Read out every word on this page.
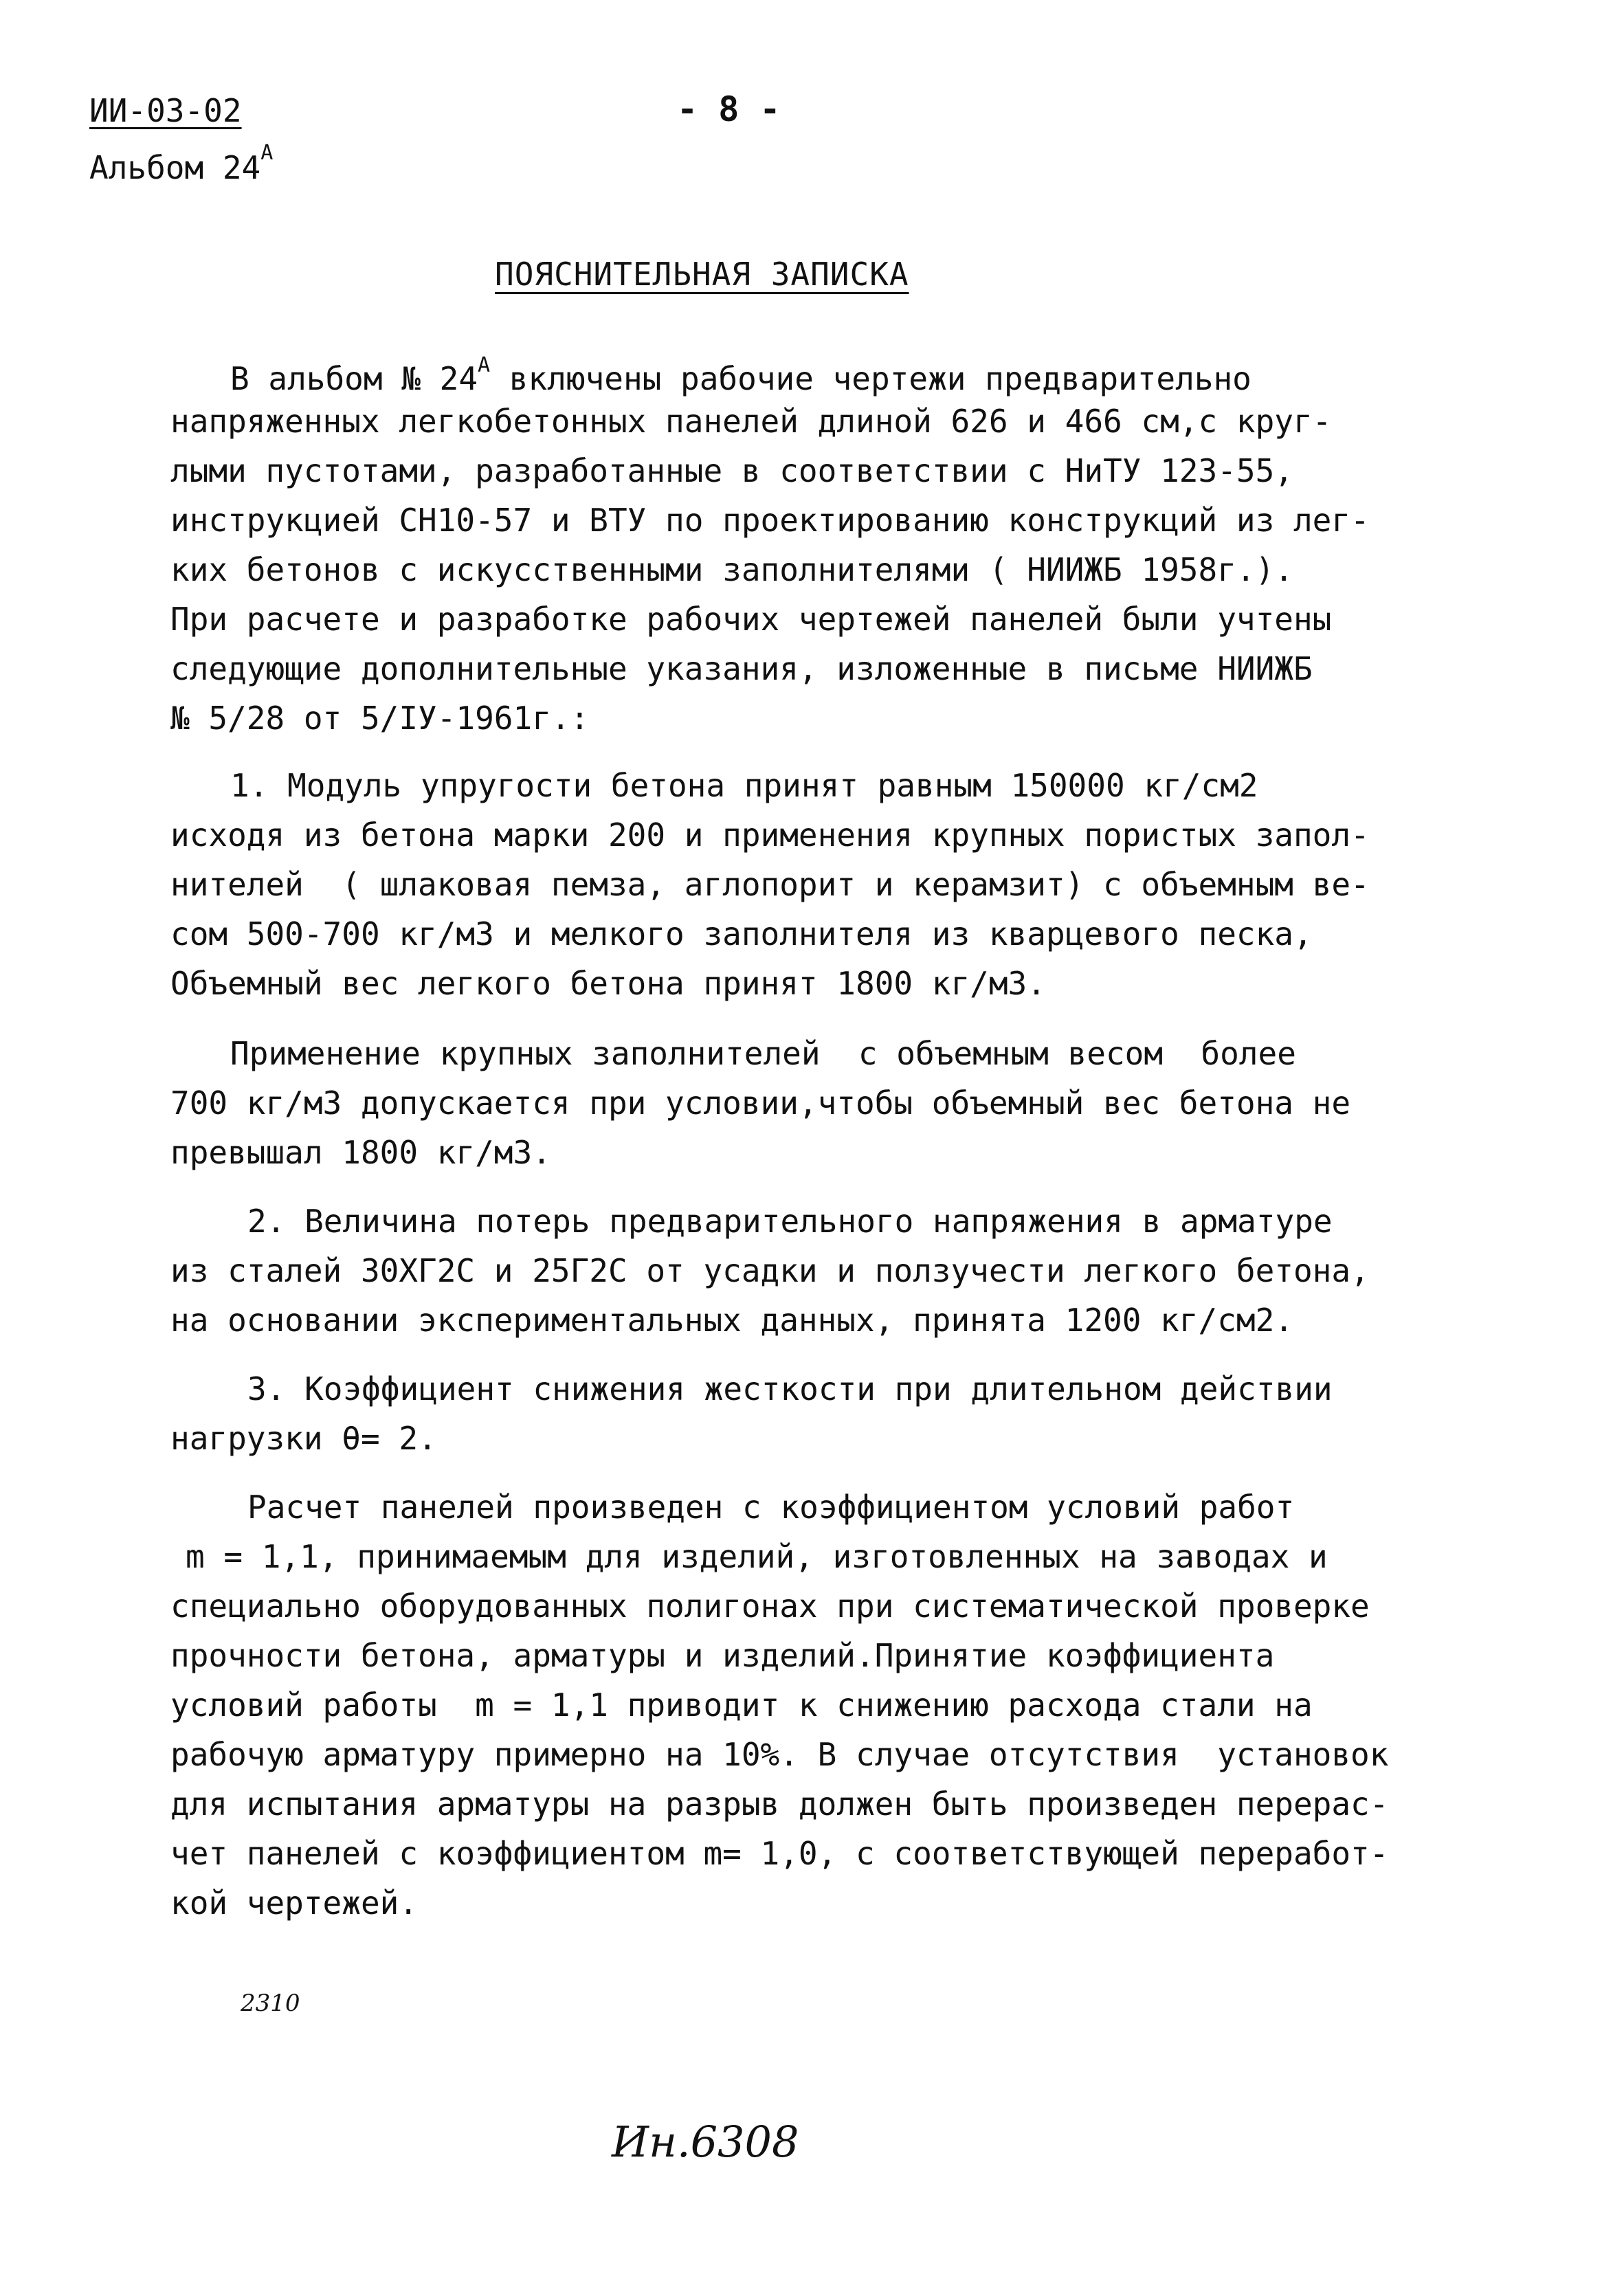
ИИ-03-02
Альбом $24^А$
- 8 -
ПОЯСНИТЕЛЬНАЯ ЗАПИСКА
В альбом № $24^А$ включены рабочие чертежи предварительно
напряженных легкобетонных панелей длиной 626 и 466 см,с круг-
лыми пустотами, разработанные в соответствии с НиТУ 123-55,
инструкцией СН10-57 и ВТУ по проектированию конструкций из лег-
ких бетонов с искусственными заполнителями ( НИИЖБ 1958г.).
При расчете и разработке рабочих чертежей панелей были учтены
следующие дополнительные указания, изложенные в письме НИИЖБ
№ 5/28 от 5/IУ-1961г.:
1. Модуль упругости бетона принят равным 150000 кг/см2
исходя из бетона марки 200 и применения крупных пористых запол-
нителей  ( шлаковая пемза, аглопорит и керамзит) с объемным ве-
сом 500-700 кг/м3 и мелкого заполнителя из кварцевого песка,
Объемный вес легкого бетона принят 1800 кг/м3.
Применение крупных заполнителей  с объемным весом  более
700 кг/м3 допускается при условии,чтобы объемный вес бетона не
превышал 1800 кг/м3.
2. Величина потерь предварительного напряжения в арматуре
из сталей 30ХГ2С и 25Г2С от усадки и ползучести легкого бетона,
на основании экспериментальных данных, принята 1200 кг/см2.
3. Коэффициент снижения жесткости при длительном действии
нагрузки θ= 2.
Расчет панелей произведен с коэффициентом условий работ
m = 1,1, принимаемым для изделий, изготовленных на заводах и
специально оборудованных полигонах при систематической проверке
прочности бетона, арматуры и изделий.Принятие коэффициента
условий работы  m = 1,1 приводит к снижению расхода стали на
рабочую арматуру примерно на 10%. В случае отсутствия  установок
для испытания арматуры на разрыв должен быть произведен перерас-
чет панелей с коэффициентом m= 1,0, с соответствующей переработ-
кой чертежей.
2310
Ин.6308
